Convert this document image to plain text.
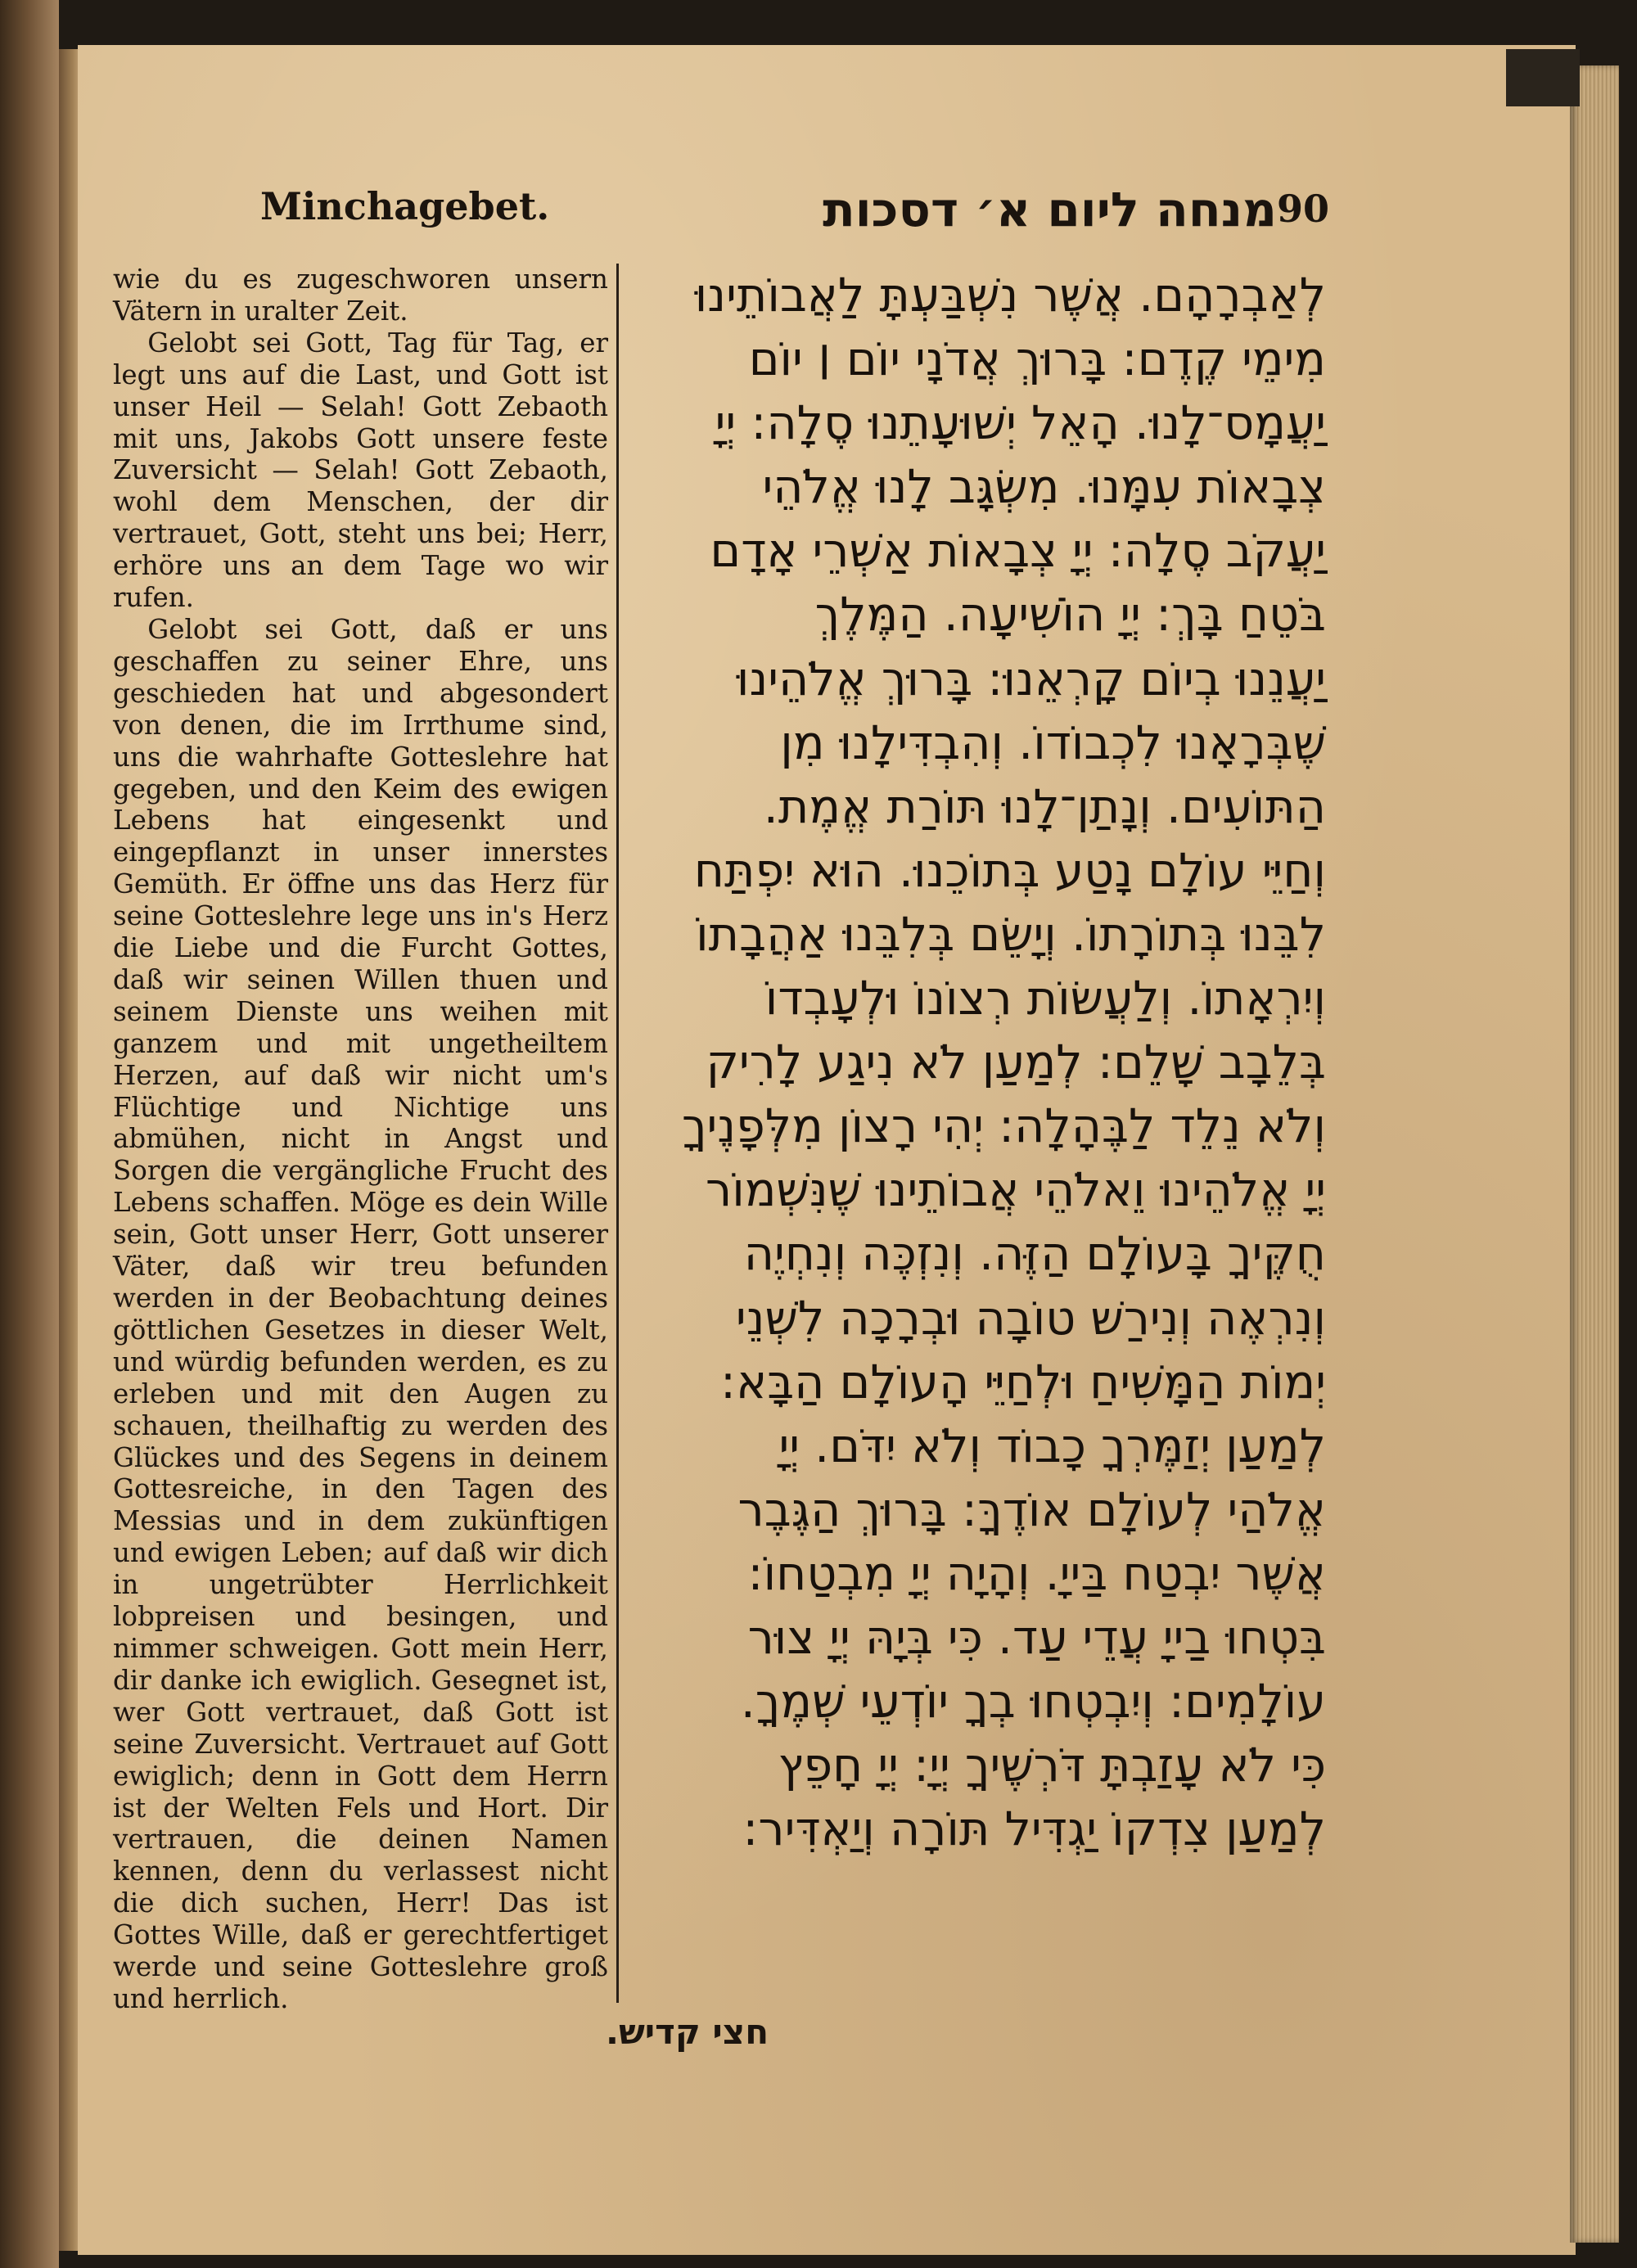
Minchagebet.	מנחה ליום א׳ דסכות 90

wie du es zugeschworen unsern Vätern in uralter Zeit.

Gelobt sei Gott, Tag für Tag, er legt uns auf die Last, und Gott ist unser Heil — Selah! Gott Zebaoth mit uns, Jakobs Gott unsere feste Zuversicht — Selah! Gott Zebaoth, wohl dem Menschen, der dir vertrauet, Gott, steht uns bei; Herr, erhöre uns an dem Tage wo wir rufen.

Gelobt sei Gott, daß er uns geschaffen zu seiner Ehre, uns geschieden hat und abgesondert von denen, die im Irrthume sind, uns die wahrhafte Gotteslehre hat gegeben, und den Keim des ewigen Lebens hat eingesenkt und eingepflanzt in unser innerstes Gemüth. Er öffne uns das Herz für seine Gotteslehre lege uns in's Herz die Liebe und die Furcht Gottes, daß wir seinen Willen thuen und seinem Dienste uns weihen mit ganzem und mit ungetheiltem Herzen, auf daß wir nicht um's Flüchtige und Nichtige uns abmühen, nicht in Angst und Sorgen die vergängliche Frucht des Lebens schaffen. Möge es dein Wille sein, Gott unser Herr, Gott unserer Väter, daß wir treu befunden werden in der Beobachtung deines göttlichen Gesetzes in dieser Welt, und würdig befunden werden, es zu erleben und mit den Augen zu schauen, theilhaftig zu werden des Glückes und des Segens in deinem Gottesreiche, in den Tagen des Messias und in dem zukünftigen und ewigen Leben; auf daß wir dich in ungetrübter Herrlichkeit lobpreisen und besingen, und nimmer schweigen. Gott mein Herr, dir danke ich ewiglich. Gesegnet ist, wer Gott vertrauet, daß Gott ist seine Zuversicht. Vertrauet auf Gott ewiglich; denn in Gott dem Herrn ist der Welten Fels und Hort. Dir vertrauen, die deinen Namen kennen, denn du verlassest nicht die dich suchen, Herr! Das ist Gottes Wille, daß er gerechtfertiget werde und seine Gotteslehre groß und herrlich.

לְאַבְרָהָם. אֲשֶׁר נִשְׁבַּעְתָּ לַאֲבוֹתֵינוּ
מִימֵי קֶדֶם: בָּרוּךְ אֲדֹנָי יוֹם ׀ יוֹם
יַעֲמָס־לָנוּ. הָאֵל יְשׁוּעָתֵנוּ סֶלָה: יְיָ
צְבָאוֹת עִמָּנוּ. מִשְׂגָּב לָנוּ אֱלֹהֵי
יַעֲקֹב סֶלָה: יְיָ צְבָאוֹת אַשְׁרֵי אָדָם
בֹּטֵחַ בָּךְ: יְיָ הוֹשִׁיעָה. הַמֶּלֶךְ
יַעֲנֵנוּ בְיוֹם קָרְאֵנוּ: בָּרוּךְ אֱלֹהֵינוּ
שֶׁבְּרָאָנוּ לִכְבוֹדוֹ. וְהִבְדִּילָנוּ מִן
הַתּוֹעִים. וְנָתַן־לָנוּ תּוֹרַת אֱמֶת.
וְחַיֵּי עוֹלָם נָטַע בְּתוֹכֵנוּ. הוּא יִפְתַּח
לִבֵּנוּ בְּתוֹרָתוֹ. וְיָשֵׂם בְּלִבֵּנוּ אַהֲבָתוֹ
וְיִרְאָתוֹ. וְלַעֲשׂוֹת רְצוֹנוֹ וּלְעָבְדוֹ
בְּלֵבָב שָׁלֵם: לְמַעַן לֹא נִיגַע לָרִיק
וְלֹא נֵלֵד לַבֶּהָלָה: יְהִי רָצוֹן מִלְּפָנֶיךָ
יְיָ אֱלֹהֵינוּ וֵאלֹהֵי אֲבוֹתֵינוּ שֶׁנִּשְׁמוֹר
חֻקֶּיךָ בָּעוֹלָם הַזֶּה. וְנִזְכֶּה וְנִחְיֶה
וְנִרְאֶה וְנִירַשׁ טוֹבָה וּבְרָכָה לִשְׁנֵי
יְמוֹת הַמָּשִׁיחַ וּלְחַיֵּי הָעוֹלָם הַבָּא:
לְמַעַן יְזַמֶּרְךָ כָבוֹד וְלֹא יִדֹּם. יְיָ
אֱלֹהַי לְעוֹלָם אוֹדֶךָּ: בָּרוּךְ הַגֶּבֶר
אֲשֶׁר יִבְטַח בַּייָ. וְהָיָה יְיָ מִבְטַחוֹ:
בִּטְחוּ בַייָ עֲדֵי עַד. כִּי בְּיָהּ יְיָ צוּר
עוֹלָמִים: וְיִבְטְחוּ בְךָ יוֹדְעֵי שְׁמֶךָ.
כִּי לֹא עָזַבְתָּ דֹּרְשֶׁיךָ יְיָ: יְיָ חָפֵץ
לְמַעַן צִדְקוֹ יַגְדִּיל תּוֹרָה וְיַאְדִּיר:
חצי קדיש.
